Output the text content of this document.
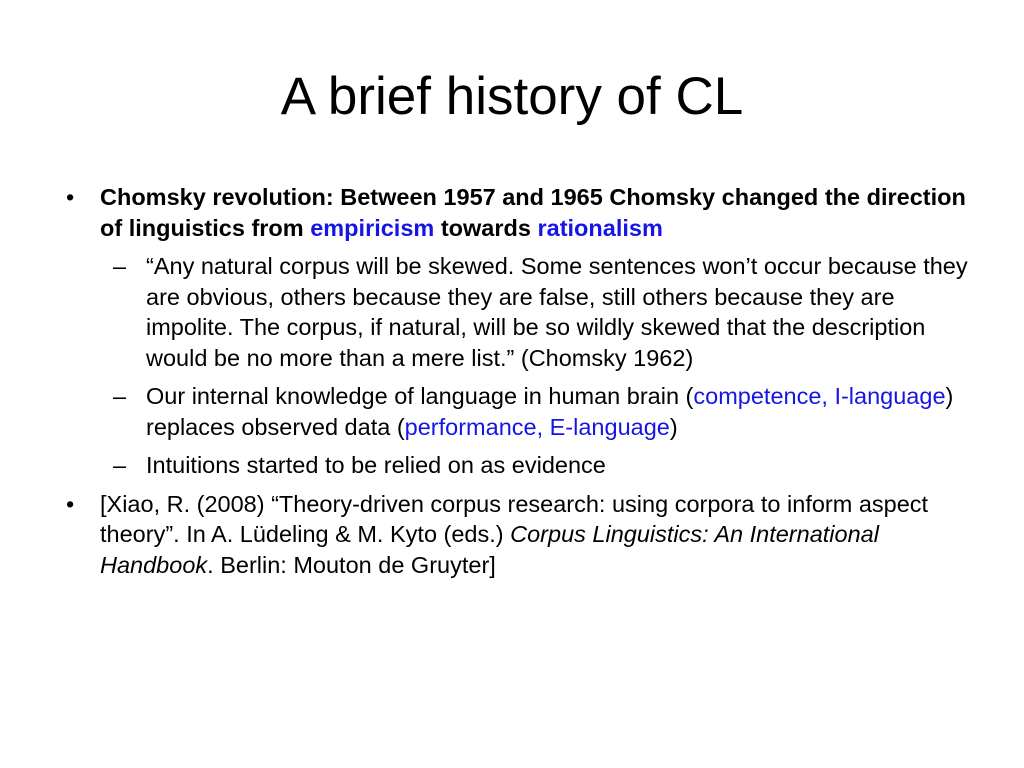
A brief history of CL
• Chomsky revolution: Between 1957 and 1965 Chomsky changed the direction of linguistics from empiricism towards rationalism
– “Any natural corpus will be skewed. Some sentences won’t occur because they are obvious, others because they are false, still others because they are impolite. The corpus, if natural, will be so wildly skewed that the description would be no more than a mere list.” (Chomsky 1962)
– Our internal knowledge of language in human brain (competence, I-language) replaces observed data (performance, E-language)
– Intuitions started to be relied on as evidence
• [Xiao, R. (2008) “Theory-driven corpus research: using corpora to inform aspect theory”. In A. Lüdeling & M. Kyto (eds.) Corpus Linguistics: An International Handbook. Berlin: Mouton de Gruyter]
